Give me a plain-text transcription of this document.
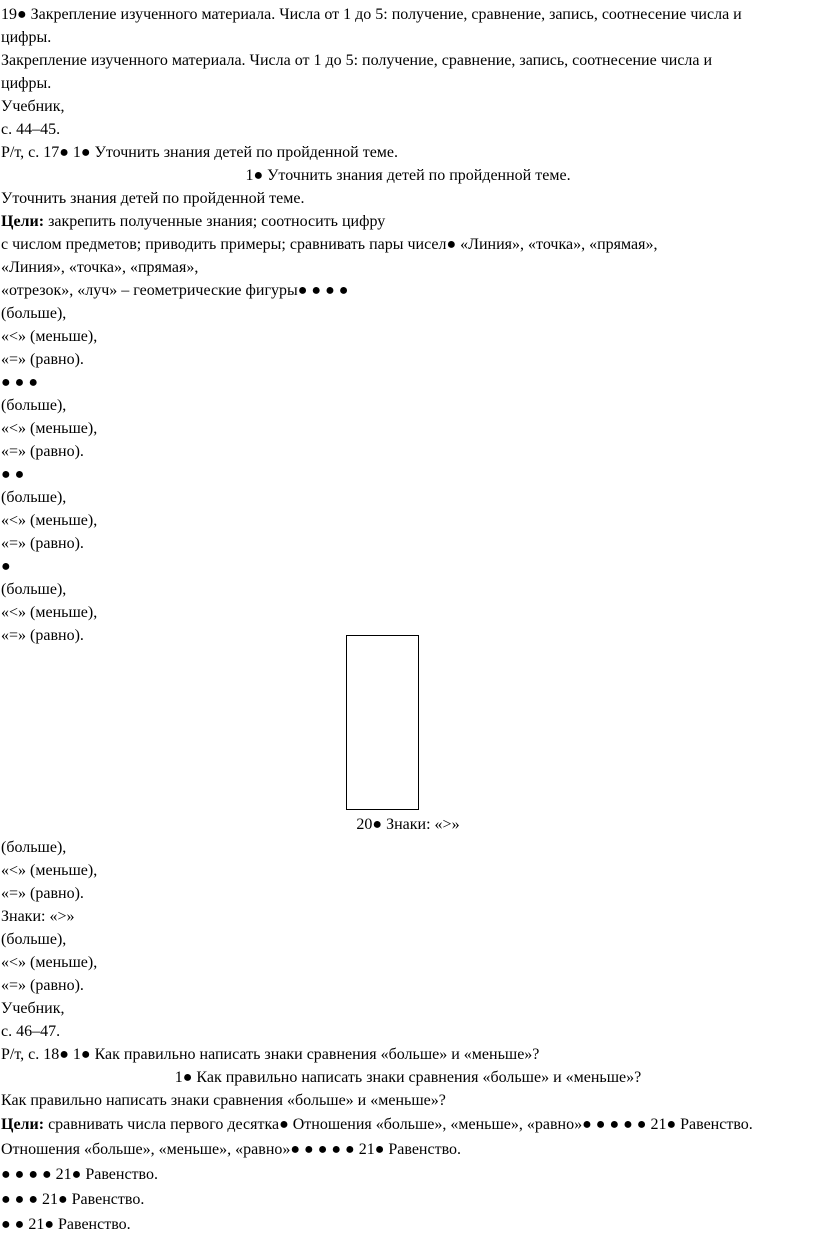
19● Закрепление изученного материала. Числа от 1 до 5: получение, сравнение, запись, соотнесение числа и
цифры.
Закрепление изученного материала. Числа от 1 до 5: получение, сравнение, запись, соотнесение числа и
цифры.
Учебник,
с. 44–45.
Р/т, с. 17● 1● Уточнить знания детей по пройденной теме.
1● Уточнить знания детей по пройденной теме.
Уточнить знания детей по пройденной теме.
Цели: закрепить полученные знания; соотносить цифру
с числом предметов; приводить примеры; сравнивать пары чисел● «Линия», «точка», «прямая»,
«Линия», «точка», «прямая»,
«отрезок», «луч» – геометрические фигуры● ● ● ●
(больше),
«<» (меньше),
«=» (равно).
● ● ●
(больше),
«<» (меньше),
«=» (равно).
● ●
(больше),
«<» (меньше),
«=» (равно).
●
(больше),
«<» (меньше),
«=» (равно).
20● Знаки: «>»
(больше),
«<» (меньше),
«=» (равно).
Знаки: «>»
(больше),
«<» (меньше),
«=» (равно).
Учебник,
с. 46–47.
Р/т, с. 18● 1● Как правильно написать знаки сравнения «больше» и «меньше»?
1● Как правильно написать знаки сравнения «больше» и «меньше»?
Как правильно написать знаки сравнения «больше» и «меньше»?
Цели: сравнивать числа первого десятка● Отношения «больше», «меньше», «равно»● ● ● ● ● 21● Равенство.
Отношения «больше», «меньше», «равно»● ● ● ● ● 21● Равенство.
● ● ● ● 21● Равенство.
● ● ● 21● Равенство.
● ● 21● Равенство.
